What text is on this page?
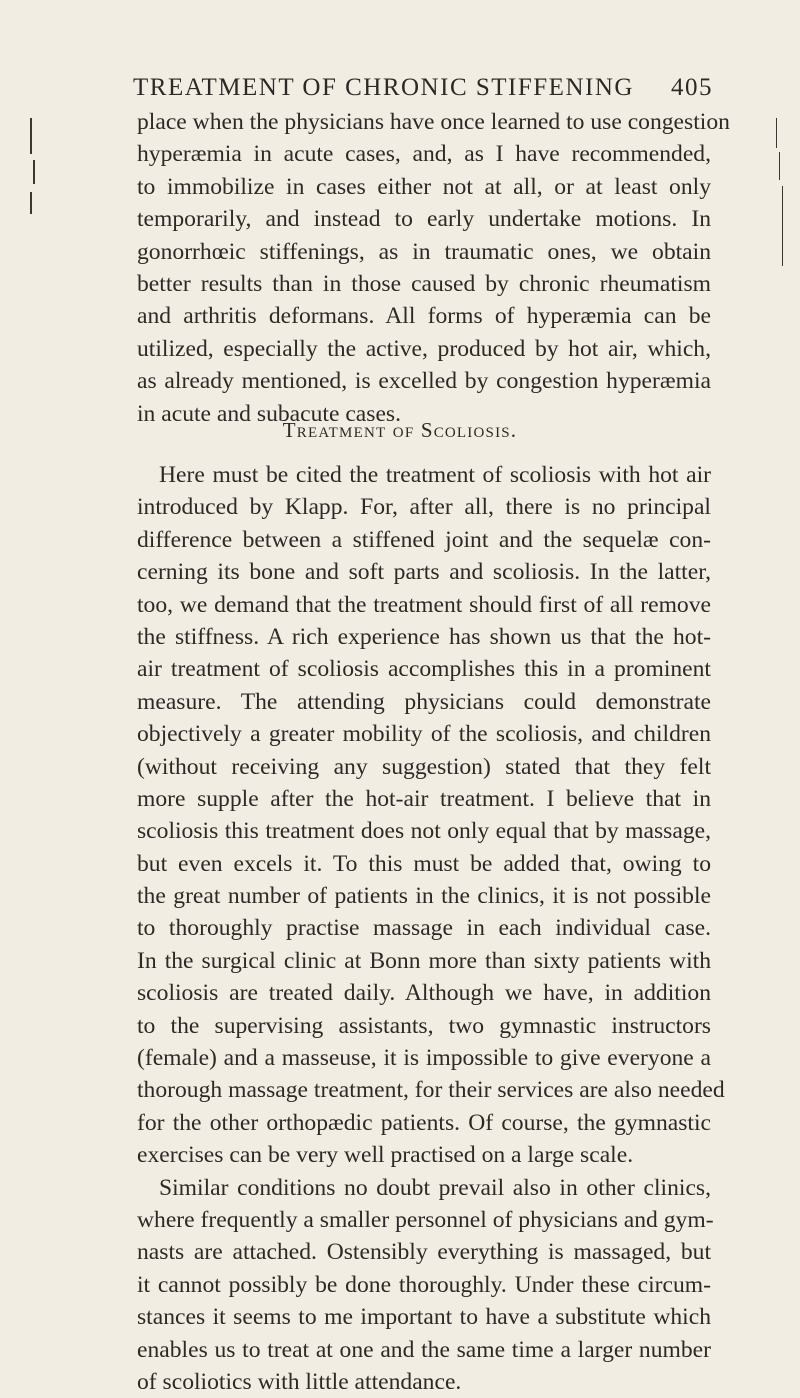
TREATMENT OF CHRONIC STIFFENING 405
place when the physicians have once learned to use congestion
hyperæmia in acute cases, and, as I have recommended,
to immobilize in cases either not at all, or at least only
temporarily, and instead to early undertake motions. In
gonorrhœic stiffenings, as in traumatic ones, we obtain
better results than in those caused by chronic rheumatism
and arthritis deformans. All forms of hyperæmia can be
utilized, especially the active, produced by hot air, which,
as already mentioned, is excelled by congestion hyperæmia
in acute and subacute cases.
Treatment of Scoliosis.
Here must be cited the treatment of scoliosis with hot air
introduced by Klapp. For, after all, there is no principal
difference between a stiffened joint and the sequelæ con-
cerning its bone and soft parts and scoliosis. In the latter,
too, we demand that the treatment should first of all remove
the stiffness. A rich experience has shown us that the hot-
air treatment of scoliosis accomplishes this in a prominent
measure. The attending physicians could demonstrate
objectively a greater mobility of the scoliosis, and children
(without receiving any suggestion) stated that they felt
more supple after the hot-air treatment. I believe that in
scoliosis this treatment does not only equal that by massage,
but even excels it. To this must be added that, owing to
the great number of patients in the clinics, it is not possible
to thoroughly practise massage in each individual case.
In the surgical clinic at Bonn more than sixty patients with
scoliosis are treated daily. Although we have, in addition
to the supervising assistants, two gymnastic instructors
(female) and a masseuse, it is impossible to give everyone a
thorough massage treatment, for their services are also needed
for the other orthopædic patients. Of course, the gymnastic
exercises can be very well practised on a large scale.
Similar conditions no doubt prevail also in other clinics,
where frequently a smaller personnel of physicians and gym-
nasts are attached. Ostensibly everything is massaged, but
it cannot possibly be done thoroughly. Under these circum-
stances it seems to me important to have a substitute which
enables us to treat at one and the same time a larger number
of scoliotics with little attendance.
